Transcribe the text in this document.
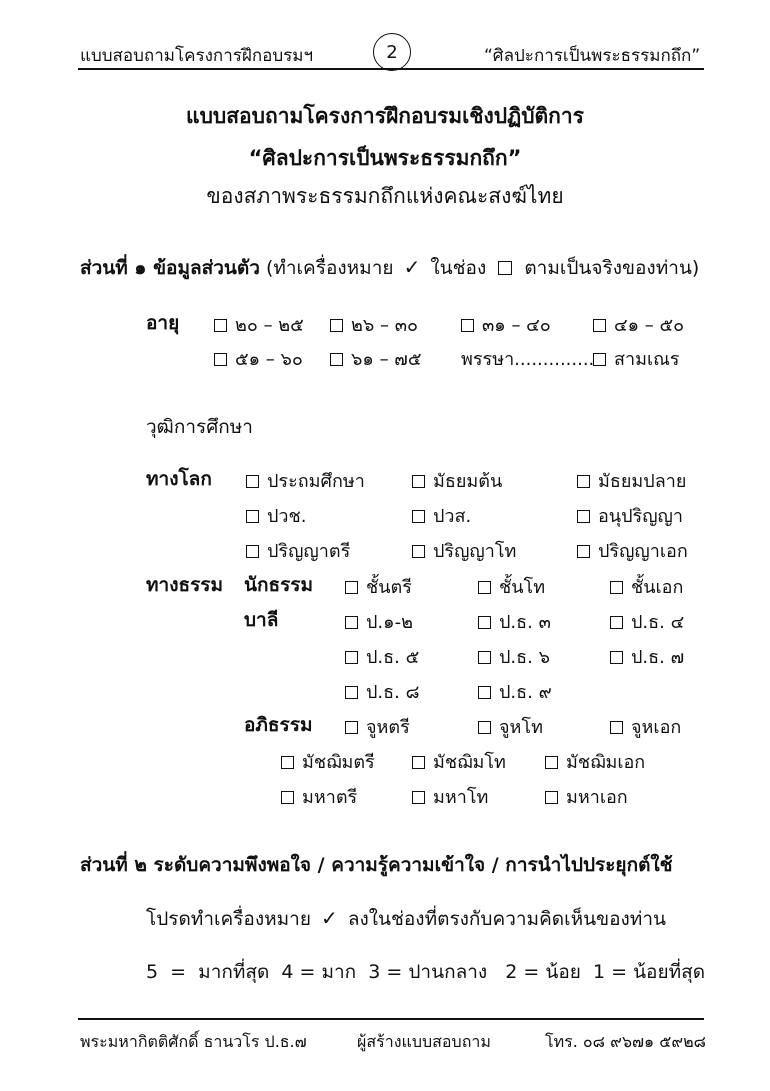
แบบสอบถามโครงการฝึกอบรมฯ	2	“ศิลปะการเป็นพระธรรมกถึก”
แบบสอบถามโครงการฝึกอบรมเชิงปฏิบัติการ
“ศิลปะการเป็นพระธรรมกถึก”
ของสภาพระธรรมกถึกแห่งคณะสงฆ์ไทย
ส่วนที่ ๑ ข้อมูลส่วนตัว (ทำเครื่องหมาย ✓ ในช่อง ตามเป็นจริงของท่าน)
อายุ	๒๐ – ๒๕	๒๖ – ๓๐	๓๑ – ๔๐	๔๑ – ๕๐
๕๑ – ๖๐	๖๑ – ๗๕ พรรษา..............	สามเณร
วุฒิการศึกษา
ทางโลก	ประถมศึกษา	มัธยมต้น	มัธยมปลาย
ปวช.	ปวส.	อนุปริญญา
ปริญญาตรี	ปริญญาโท	ปริญญาเอก
ทางธรรม นักธรรม	ชั้นตรี	ชั้นโท	ชั้นเอก
บาลี	ป.๑-๒	ป.ธ. ๓	ป.ธ. ๔
ป.ธ. ๕	ป.ธ. ๖	ป.ธ. ๗
ป.ธ. ๘	ป.ธ. ๙
อภิธรรม	จูหตรี	จูหโท	จูหเอก
มัชฌิมตรี	มัชฌิมโท	มัชฌิมเอก
มหาตรี	มหาโท	มหาเอก
ส่วนที่ ๒ ระดับความพึงพอใจ / ความรู้ความเข้าใจ / การนำไปประยุกต์ใช้
โปรดทำเครื่องหมาย ✓ ลงในช่องที่ตรงกับความคิดเห็นของท่าน
5  =  มากที่สุด  4 = มาก  3 = ปานกลาง   2 = น้อย  1 = น้อยที่สุด
พระมหากิตติศักดิ์ ธานวโร ป.ธ.๗	ผู้สร้างแบบสอบถาม	โทร. ๐๘ ๙๖๗๑ ๕๙๒๘
